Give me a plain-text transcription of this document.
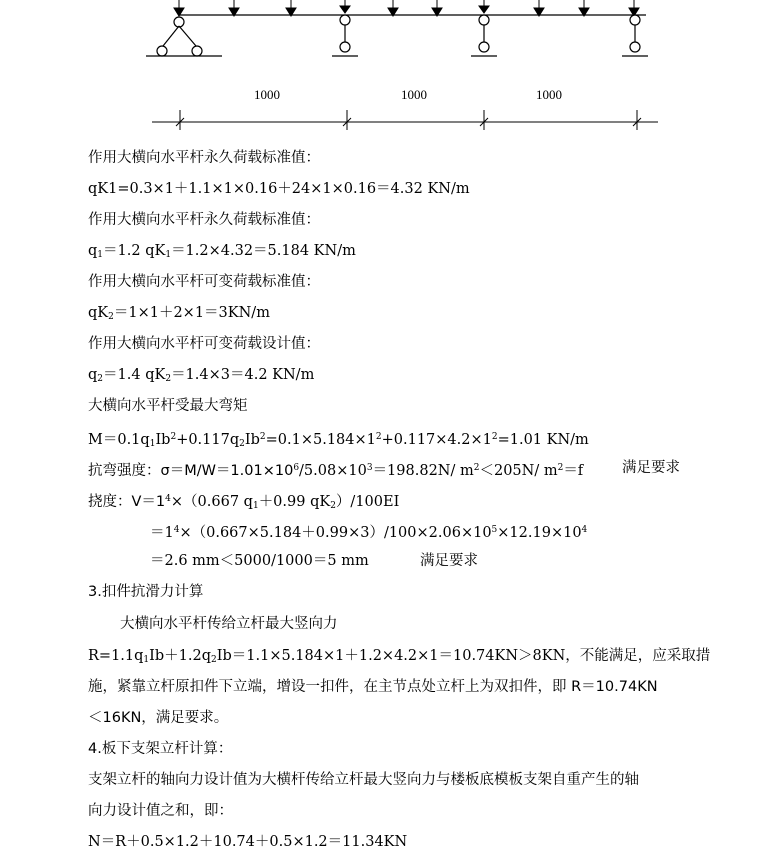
1000	1000	1000
作用大横向水平杆永久荷载标准值：
qK1=0.3×1＋1.1×1×0.16＋24×1×0.16＝4.32 KN/m
作用大横向水平杆永久荷载标准值：
$q_1=1.2$ $qK_1=1.2\times 4.32=5.184$ KN/m
作用大横向水平杆可变荷载标准值：
$qK_2=1\times 1+2\times 1=3KN/m$
作用大横向水平杆可变荷载设计值：
$q_2=1.4$ $qK_2=1.4\times 3=4.2$ KN/m
大横向水平杆受最大弯矩
$M=0.1q_1Ib^2+0.117q_2Ib^2=0.1\times 5.184\times 1^2+0.117\times 4.2\times 1^2=1.01$ KN/m
抗弯强度：$\sigma=M/W=1.01\times 10^6/5.08\times 10^3=198.82N/$ $m^2<205N/$ $m^2=f$	满足要求
挠度：$V=1^4\times(0.667$ $q_1+0.99$ $qK_2)/100EI$
$=1^4\times(0.667\times 5.184+0.99\times 3)/100\times 2.06\times 10^5\times 12.19\times 10^4$
＝2.6 mm＜5000/1000＝5 mm	满足要求
3.扣件抗滑力计算
大横向水平杆传给立杆最大竖向力
$R=1.1q_1Ib+1.2q_2Ib=1.1\times 5.184\times 1+1.2\times 4.2\times 1=10.74KN>8KN$，不能满足，应采取措
施，紧靠立杆原扣件下立端，增设一扣件，在主节点处立杆上为双扣件，即 R＝10.74KN
＜16KN，满足要求。
4.板下支架立杆计算：
支架立杆的轴向力设计值为大横杆传给立杆最大竖向力与楼板底模板支架自重产生的轴
向力设计值之和，即：
N＝R＋0.5×1.2＋10.74＋0.5×1.2＝11.34KN
